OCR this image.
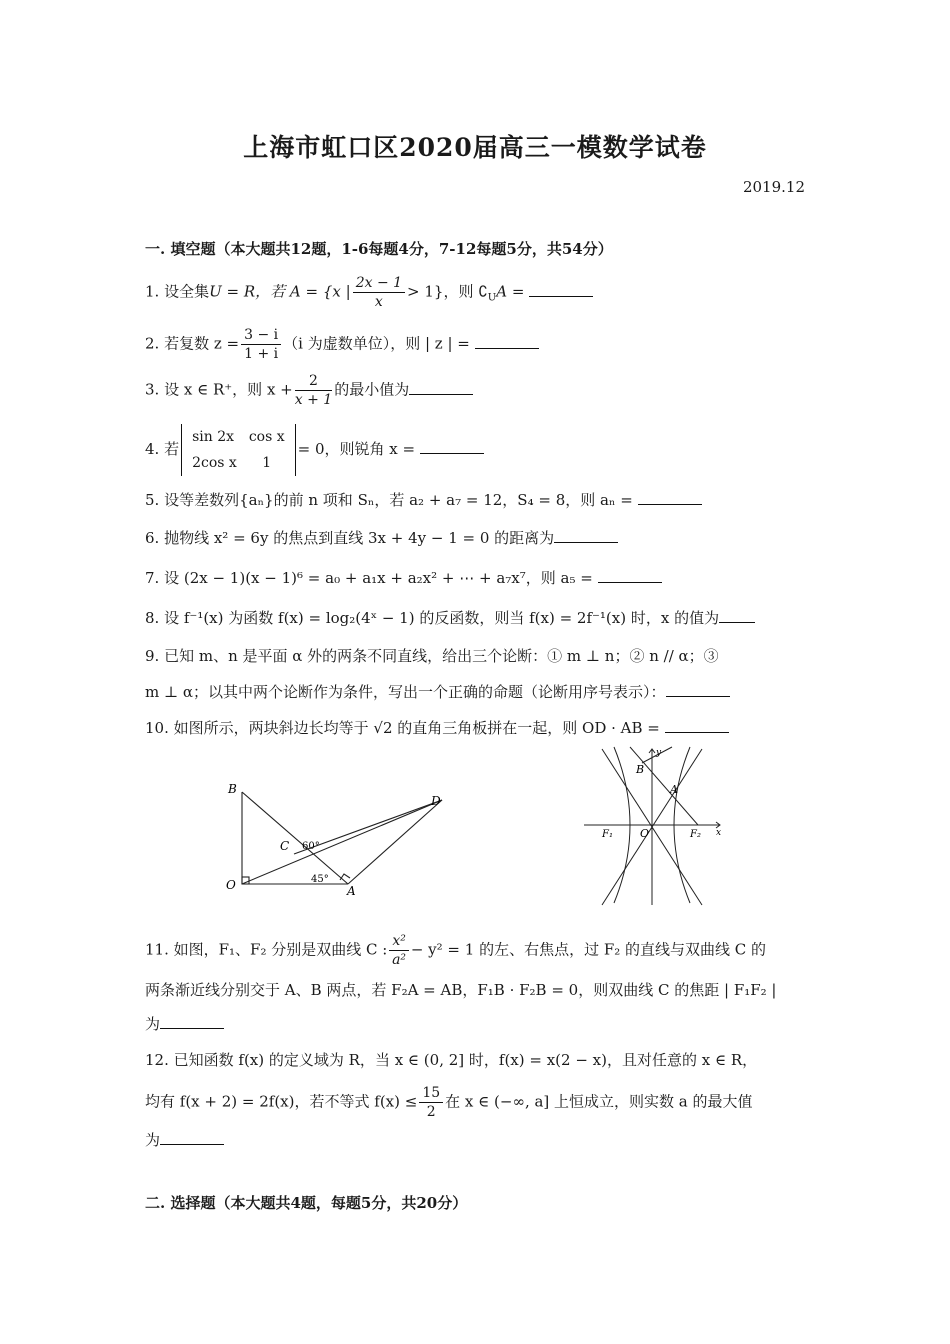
上海市虹口区2020届高三一模数学试卷
2019.12
一. 填空题（本大题共12题，1-6每题4分，7-12每题5分，共54分）
1. 设全集U = R，若 A = {x | $\frac{2x - 1}{x} > 1$}，则 $∁_UA$ =
2. 若复数 $z = \frac{3 - i}{1 + i} (i$ 为虚数单位），则 | z | =
3. 设 x ∈ R⁺，则 $x + \frac{2}{x + 1}$ 的最小值为
4. 若
sin 2x	cos x
2cos x	1
= 0，则锐角 x =
5. 设等差数列{aₙ}的前 n 项和 Sₙ，若 a₂ + a₇ = 12，S₄ = 8，则 aₙ =
6. 抛物线 x² = 6y 的焦点到直线 3x + 4y − 1 = 0 的距离为
7. 设 (2x − 1)(x − 1)⁶ = a₀ + a₁x + a₂x² + ⋯ + a₇x⁷，则 a₅ =
8. 设 f⁻¹(x) 为函数 f(x) = log₂(4ˣ − 1) 的反函数，则当 f(x) = 2f⁻¹(x) 时，x 的值为
9. 已知 m、n 是平面 α 外的两条不同直线，给出三个论断：① m ⊥ n；② n // α；③
m ⊥ α；以其中两个论断作为条件，写出一个正确的命题（论断用序号表示）：
10. 如图所示，两块斜边长均等于 √2 的直角三角板拼在一起，则 OD · AB =
B
D
C
O	A
60°
45°
B
A
F₁	F₂
O	x
y
11. 如图，F₁、F₂ 分别是双曲线 C : $\frac{\text{x²}}{\text{a²}} - y^2 = 1$ 的左、右焦点，过 F₂ 的直线与双曲线 C 的
两条渐近线分别交于 A、B 两点，若 F₂A = AB，F₁B · F₂B = 0，则双曲线 C 的焦距 | F₁F₂ |
为
12. 已知函数 f(x) 的定义域为 R，当 x ∈ (0, 2] 时，f(x) = x(2 − x)，且对任意的 x ∈ R，
均有 f(x + 2) = 2f(x)，若不等式 $f(x) \le \frac{15}{2}$ 在 x ∈ (−∞, a] 上恒成立，则实数 a 的最大值
为
二. 选择题（本大题共4题，每题5分，共20分）
